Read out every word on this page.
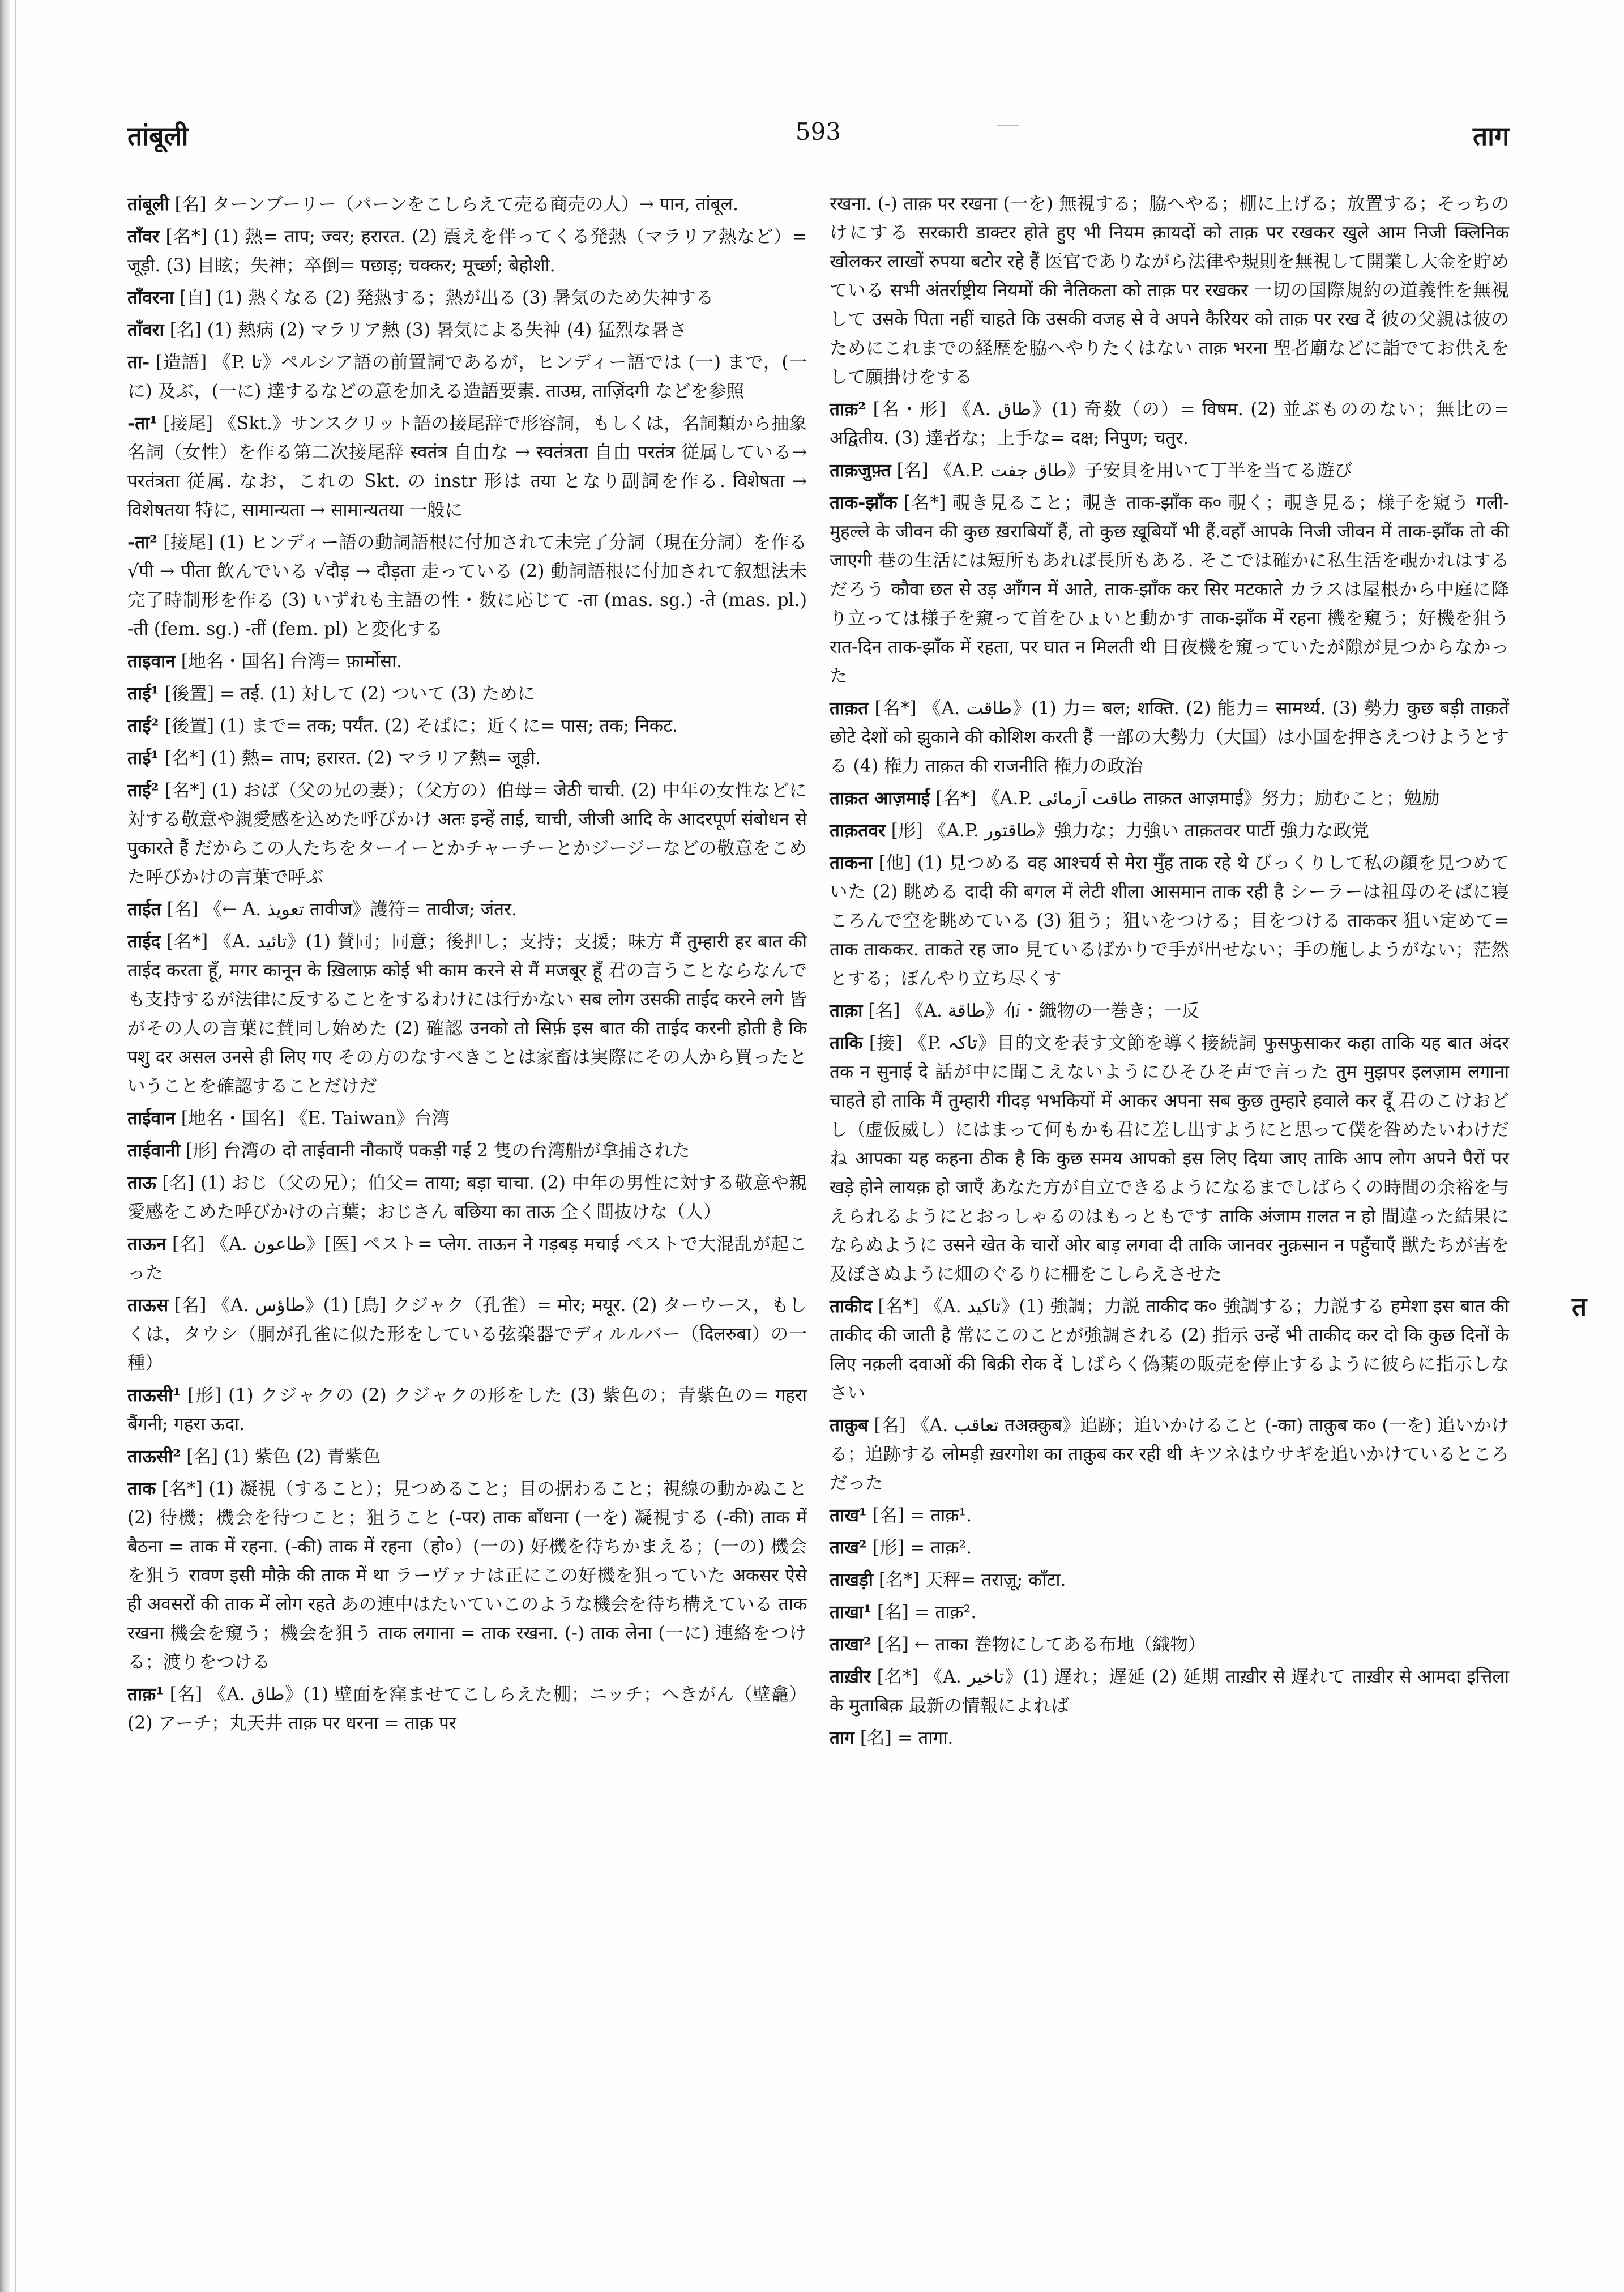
तांबूली	593	ताग
तांबूली [名] ターンブーリー（パーンをこしらえて売る商売の人）→ पान, तांबूल.
ताँवर [名*] (1) 熱= ताप; ज्वर; हरारत. (2) 震えを伴ってくる発熱（マラリア熱など）= जूड़ी. (3) 目眩；失神；卒倒= पछाड़; चक्कर; मूर्च्छा; बेहोशी.
ताँवरना [自] (1) 熱くなる (2) 発熱する；熱が出る (3) 暑気のため失神する
ताँवरा [名] (1) 熱病 (2) マラリア熱 (3) 暑気による失神 (4) 猛烈な暑さ
ता- [造語] 《P. تا》ペルシア語の前置詞であるが，ヒンディー語では (一) まで，(一に) 及ぶ，(一に) 達するなどの意を加える造語要素. ताउम्र, ताज़िंदगी などを参照
-ता¹ [接尾] 《Skt.》サンスクリット語の接尾辞で形容詞，もしくは，名詞類から抽象名詞（女性）を作る第二次接尾辞 स्वतंत्र 自由な → स्वतंत्रता 自由 परतंत्र 従属している→ परतंत्रता 従属. なお，これの Skt. の instr 形は तया となり副詞を作る. विशेषता → विशेषतया 特に, सामान्यता → सामान्यतया 一般に
-ता² [接尾] (1) ヒンディー語の動詞語根に付加されて未完了分詞（現在分詞）を作る √पी → पीता 飲んでいる √दौड़ → दौड़ता 走っている (2) 動詞語根に付加されて叙想法未完了時制形を作る (3) いずれも主語の性・数に応じて -ता (mas. sg.) -ते (mas. pl.) -ती (fem. sg.) -तीं (fem. pl) と変化する
ताइवान [地名・国名] 台湾= फ़ार्मोसा.
ताई¹ [後置] = तई. (1) 対して (2) ついて (3) ために
ताई² [後置] (1) まで= तक; पर्यंत. (2) そばに；近くに= पास; तक; निकट.
ताई¹ [名*] (1) 熱= ताप; हरारत. (2) マラリア熱= जूड़ी.
ताई² [名*] (1) おば（父の兄の妻）；（父方の）伯母= जेठी चाची. (2) 中年の女性などに対する敬意や親愛感を込めた呼びかけ अतः इन्हें ताई, चाची, जीजी आदि के आदरपूर्ण संबोधन से पुकारते हैं だからこの人たちをターイーとかチャーチーとかジージーなどの敬意をこめた呼びかけの言葉で呼ぶ
ताईत [名] 《← A. تعويذ तावीज》護符= तावीज; जंतर.
ताईद [名*] 《A. تائيد》(1) 賛同；同意；後押し；支持；支援；味方 मैं तुम्हारी हर बात की ताईद करता हूँ, मगर कानून के ख़िलाफ़ कोई भी काम करने से मैं मजबूर हूँ 君の言うことならなんでも支持するが法律に反することをするわけには行かない सब लोग उसकी ताईद करने लगे 皆がその人の言葉に賛同し始めた (2) 確認 उनको तो सिर्फ़ इस बात की ताईद करनी होती है कि पशु दर असल उनसे ही लिए गए その方のなすべきことは家畜は実際にその人から買ったということを確認することだけだ
ताईवान [地名・国名] 《E. Taiwan》台湾
ताईवानी [形] 台湾の दो ताईवानी नौकाएँ पकड़ी गईं 2 隻の台湾船が拿捕された
ताऊ [名] (1) おじ（父の兄）；伯父= ताया; बड़ा चाचा. (2) 中年の男性に対する敬意や親愛感をこめた呼びかけの言葉；おじさん बछिया का ताऊ 全く間抜けな（人）
ताऊन [名] 《A. طاعون》[医] ペスト= प्लेग. ताऊन ने गड़बड़ मचाई ペストで大混乱が起こった
ताऊस [名] 《A. طاؤس》(1) [鳥] クジャク（孔雀）= मोर; मयूर. (2) ターウース，もしくは，タウシ（胴が孔雀に似た形をしている弦楽器でディルルバー（दिलरुबा）の一種）
ताऊसी¹ [形] (1) クジャクの (2) クジャクの形をした (3) 紫色の；青紫色の= गहरा बैंगनी; गहरा ऊदा.
ताऊसी² [名] (1) 紫色 (2) 青紫色
ताक [名*] (1) 凝視（すること）；見つめること；目の据わること；視線の動かぬこと (2) 待機；機会を待つこと；狙うこと (-पर) ताक बाँधना (一を) 凝視する (-की) ताक में बैठना = ताक में रहना. (-की) ताक में रहना（हो०）(一の) 好機を待ちかまえる；(一の) 機会を狙う रावण इसी मौक़े की ताक में था ラーヴァナは正にこの好機を狙っていた अकसर ऐसे ही अवसरों की ताक में लोग रहते あの連中はたいていこのような機会を待ち構えている ताक रखना 機会を窺う；機会を狙う ताक लगाना = ताक रखना. (-) ताक लेना (一に) 連絡をつける；渡りをつける
ताक़¹ [名] 《A. طاق》(1) 壁面を窪ませてこしらえた棚；ニッチ；へきがん（壁龕） (2) アーチ；丸天井 ताक़ पर धरना = ताक़ पर
रखना. (-) ताक़ पर रखना (一を) 無視する；脇へやる；棚に上げる；放置する；そっちのけにする सरकारी डाक्टर होते हुए भी नियम क़ायदों को ताक़ पर रखकर खुले आम निजी क्लिनिक खोलकर लाखों रुपया बटोर रहे हैं 医官でありながら法律や規則を無視して開業し大金を貯めている सभी अंतर्राष्ट्रीय नियमों की नैतिकता को ताक़ पर रखकर 一切の国際規約の道義性を無視して उसके पिता नहीं चाहते कि उसकी वजह से वे अपने कैरियर को ताक़ पर रख दें 彼の父親は彼のためにこれまでの経歴を脇へやりたくはない ताक़ भरना 聖者廟などに詣でてお供えをして願掛けをする
ताक़² [名・形] 《A. طاق》(1) 奇数（の）= विषम. (2) 並ぶもののない；無比の= अद्वितीय. (3) 達者な；上手な= दक्ष; निपुण; चतुर.
ताक़जुफ़्त [名] 《A.P. طاق جفت》子安貝を用いて丁半を当てる遊び
ताक-झाँक [名*] 覗き見ること；覗き ताक-झाँक क० 覗く；覗き見る；様子を窺う गली-मुहल्ले के जीवन की कुछ ख़राबियाँ हैं, तो कुछ ख़ूबियाँ भी हैं.वहाँ आपके निजी जीवन में ताक-झाँक तो की जाएगी 巷の生活には短所もあれば長所もある. そこでは確かに私生活を覗かれはするだろう कौवा छत से उड़ आँगन में आते, ताक-झाँक कर सिर मटकाते カラスは屋根から中庭に降り立っては様子を窺って首をひょいと動かす ताक-झाँक में रहना 機を窺う；好機を狙う रात-दिन ताक-झाँक में रहता, पर घात न मिलती थी 日夜機を窺っていたが隙が見つからなかった
ताक़त [名*] 《A. طاقت》(1) 力= बल; शक्ति. (2) 能力= सामर्थ्य. (3) 勢力 कुछ बड़ी ताक़तें छोटे देशों को झुकाने की कोशिश करती हैं 一部の大勢力（大国）は小国を押さえつけようとする (4) 権力 ताक़त की राजनीति 権力の政治
ताक़त आज़माई [名*] 《A.P. طاقت آزمائی ताक़त आज़माई》努力；励むこと；勉励
ताक़तवर [形] 《A.P. طاقتور》強力な；力強い ताक़तवर पार्टी 強力な政党
ताकना [他] (1) 見つめる वह आश्चर्य से मेरा मुँह ताक रहे थे びっくりして私の顔を見つめていた (2) 眺める दादी की बगल में लेटी शीला आसमान ताक रही है シーラーは祖母のそばに寝ころんで空を眺めている (3) 狙う；狙いをつける；目をつける ताककर 狙い定めて= ताक ताककर. ताकते रह जा० 見ているばかりで手が出せない；手の施しようがない；茫然とする；ぼんやり立ち尽くす
ताक़ा [名] 《A. طاقة》布・織物の一巻き；一反
ताकि [接] 《P. تاكہ》目的文を表す文節を導く接続詞 फुसफुसाकर कहा ताकि यह बात अंदर तक न सुनाई दे 話が中に聞こえないようにひそひそ声で言った तुम मुझपर इलज़ाम लगाना चाहते हो ताकि मैं तुम्हारी गीदड़ भभकियों में आकर अपना सब कुछ तुम्हारे हवाले कर दूँ 君のこけおどし（虚仮威し）にはまって何もかも君に差し出すようにと思って僕を咎めたいわけだね आपका यह कहना ठीक है कि कुछ समय आपको इस लिए दिया जाए ताकि आप लोग अपने पैरों पर खड़े होने लायक़ हो जाएँ あなた方が自立できるようになるまでしばらくの時間の余裕を与えられるようにとおっしゃるのはもっともです ताकि अंजाम ग़लत न हो 間違った結果にならぬように उसने खेत के चारों ओर बाड़ लगवा दी ताकि जानवर नुक़सान न पहुँचाएँ 獣たちが害を及ぼさぬように畑のぐるりに柵をこしらえさせた
ताकीद [名*] 《A. تاكيد》(1) 強調；力説 ताकीद क० 強調する；力説する हमेशा इस बात की ताकीद की जाती है 常にこのことが強調される (2) 指示 उन्हें भी ताकीद कर दो कि कुछ दिनों के लिए नक़ली दवाओं की बिक्री रोक दें しばらく偽薬の販売を停止するように彼らに指示しなさい
ताक़ुब [名] 《A. تعاقب तअक़्क़ुब》追跡；追いかけること (-का) ताक़ुब क० (一を) 追いかける；追跡する लोमड़ी ख़रगोश का ताक़ुब कर रही थी キツネはウサギを追いかけているところだった
ताख¹ [名] = ताक़¹.
ताख² [形] = ताक़².
ताखड़ी [名*] 天秤= तराज़ू; काँटा.
ताखा¹ [名] = ताक़².
ताखा² [名] ← ताका 巻物にしてある布地（織物）
ताख़ीर [名*] 《A. تاخير》(1) 遅れ；遅延 (2) 延期 ताख़ीर से 遅れて ताख़ीर से आमदा इत्तिला के मुताबिक़ 最新の情報によれば
ताग [名] = तागा.
त
